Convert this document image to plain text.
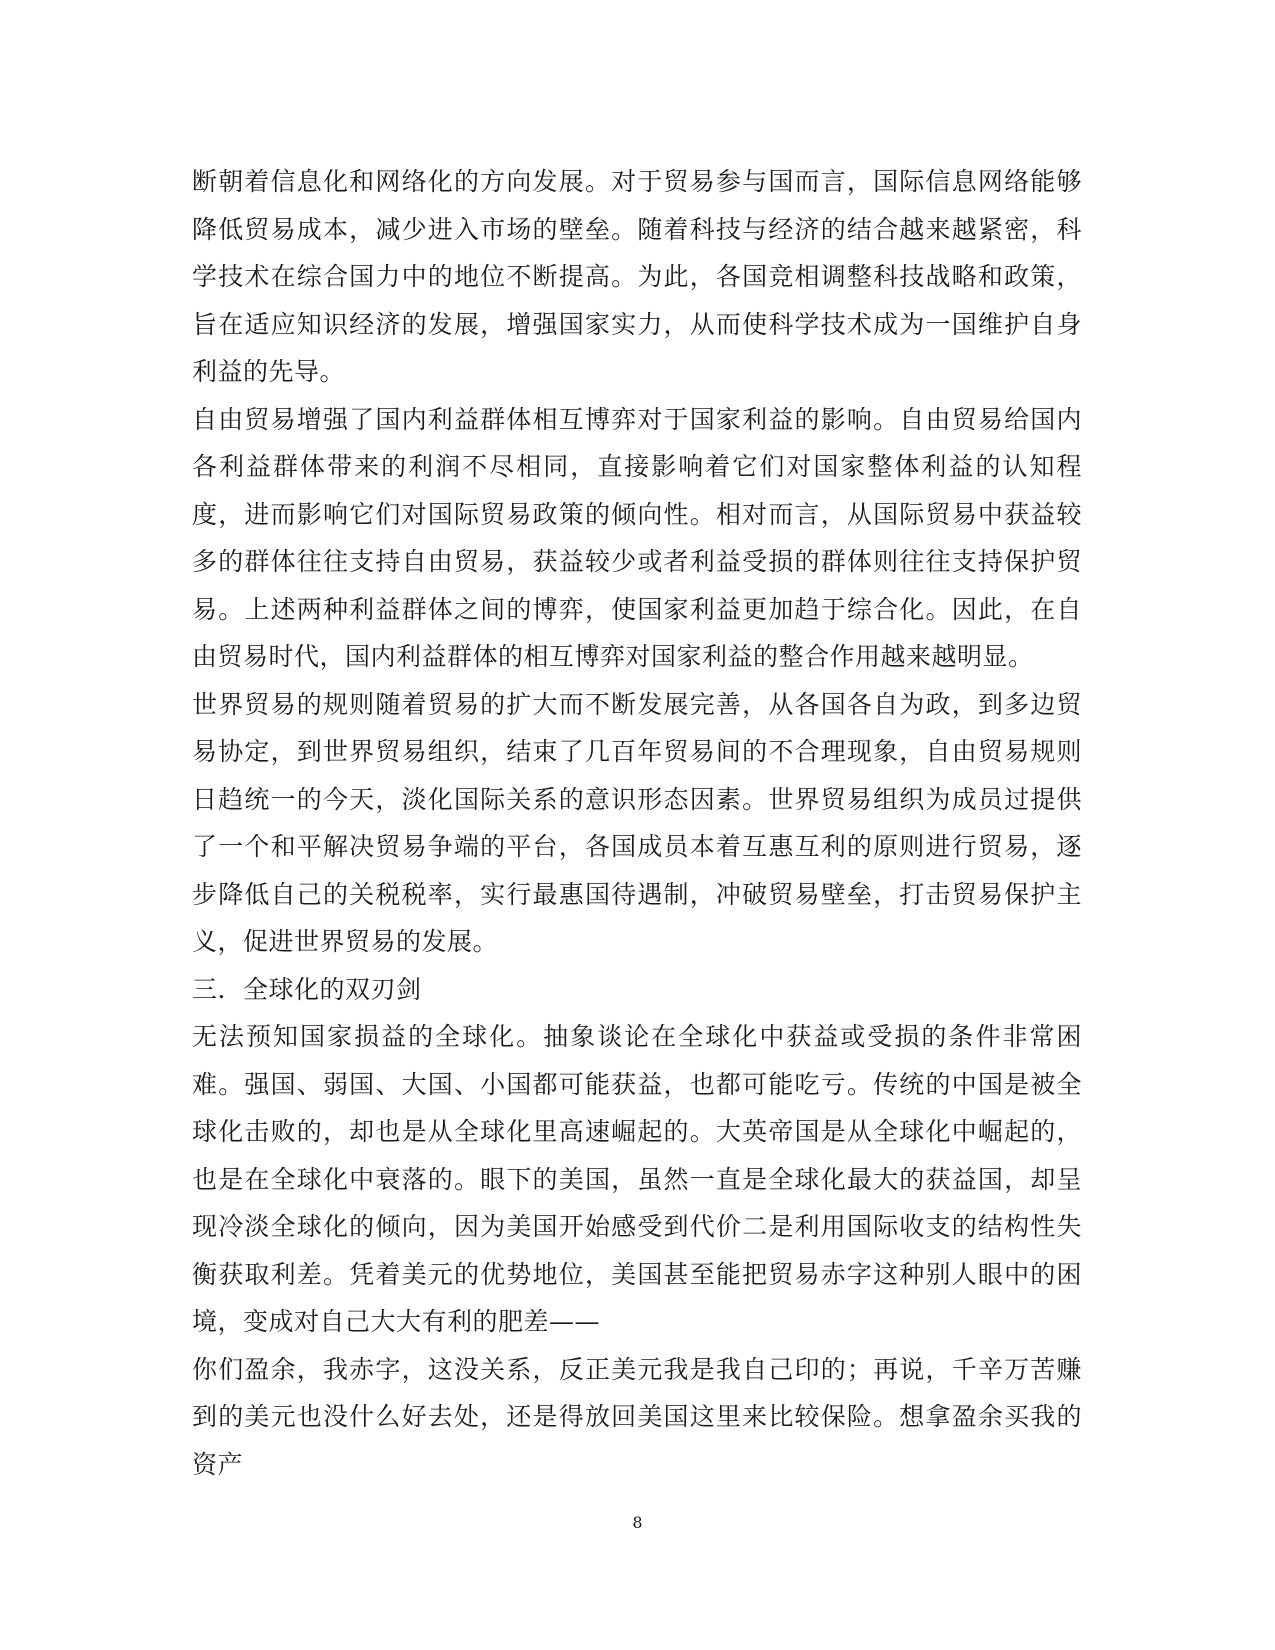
断朝着信息化和网络化的方向发展。对于贸易参与国而言，国际信息网络能够降低贸易成本，减少进入市场的壁垒。随着科技与经济的结合越来越紧密，科学技术在综合国力中的地位不断提高。为此，各国竞相调整科技战略和政策，旨在适应知识经济的发展，增强国家实力，从而使科学技术成为一国维护自身利益的先导。

自由贸易增强了国内利益群体相互博弈对于国家利益的影响。自由贸易给国内各利益群体带来的利润不尽相同，直接影响着它们对国家整体利益的认知程度，进而影响它们对国际贸易政策的倾向性。相对而言，从国际贸易中获益较多的群体往往支持自由贸易，获益较少或者利益受损的群体则往往支持保护贸易。上述两种利益群体之间的博弈，使国家利益更加趋于综合化。因此，在自由贸易时代，国内利益群体的相互博弈对国家利益的整合作用越来越明显。

世界贸易的规则随着贸易的扩大而不断发展完善，从各国各自为政，到多边贸易协定，到世界贸易组织，结束了几百年贸易间的不合理现象，自由贸易规则日趋统一的今天，淡化国际关系的意识形态因素。世界贸易组织为成员过提供了一个和平解决贸易争端的平台，各国成员本着互惠互利的原则进行贸易，逐步降低自己的关税税率，实行最惠国待遇制，冲破贸易壁垒，打击贸易保护主义，促进世界贸易的发展。

三．全球化的双刃剑

无法预知国家损益的全球化。抽象谈论在全球化中获益或受损的条件非常困难。强国、弱国、大国、小国都可能获益，也都可能吃亏。传统的中国是被全球化击败的，却也是从全球化里高速崛起的。大英帝国是从全球化中崛起的，也是在全球化中衰落的。眼下的美国，虽然一直是全球化最大的获益国，却呈现冷淡全球化的倾向，因为美国开始感受到代价二是利用国际收支的结构性失衡获取利差。凭着美元的优势地位，美国甚至能把贸易赤字这种别人眼中的困境，变成对自己大大有利的肥差——

你们盈余，我赤字，这没关系，反正美元我是我自己印的；再说，千辛万苦赚到的美元也没什么好去处，还是得放回美国这里来比较保险。想拿盈余买我的资产

8
